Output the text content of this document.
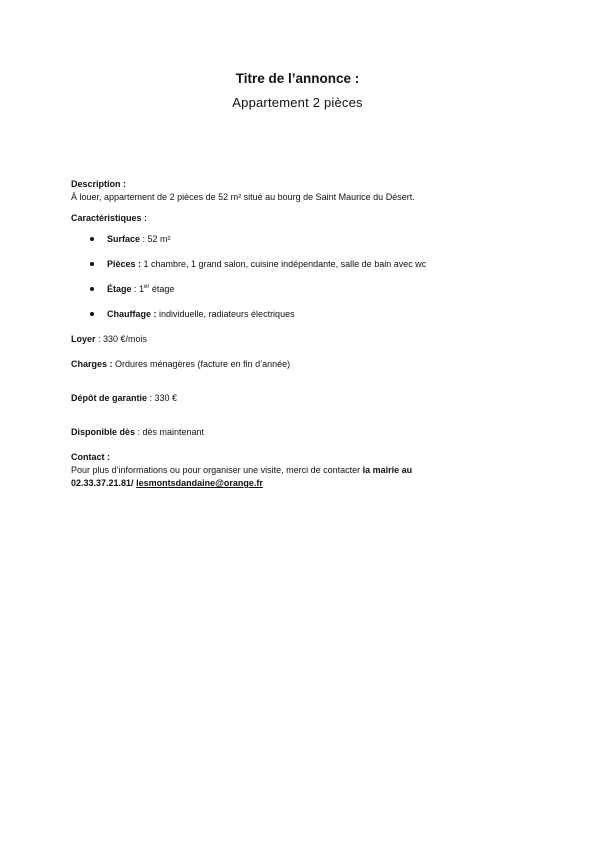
Titre de l’annonce :
Appartement 2 pièces

Description :

À louer, appartement de 2 pièces de 52 m² situé au bourg de Saint Maurice du Désert.

Caractéristiques :

Surface : 52 m²
Pièces : 1 chambre, 1 grand salon, cuisine indépendante, salle de bain avec wc
Étage : 1er étage
Chauffage : individuelle, radiateurs électriques

Loyer : 330 €/mois

Charges : Ordures ménagères (facture en fin d’année)

Dépôt de garantie : 330 €

Disponible dès : dès maintenant

Contact :

Pour plus d’informations ou pour organiser une visite, merci de contacter la mairie au

02.33.37.21.81/ lesmontsdandaine@orange.fr
